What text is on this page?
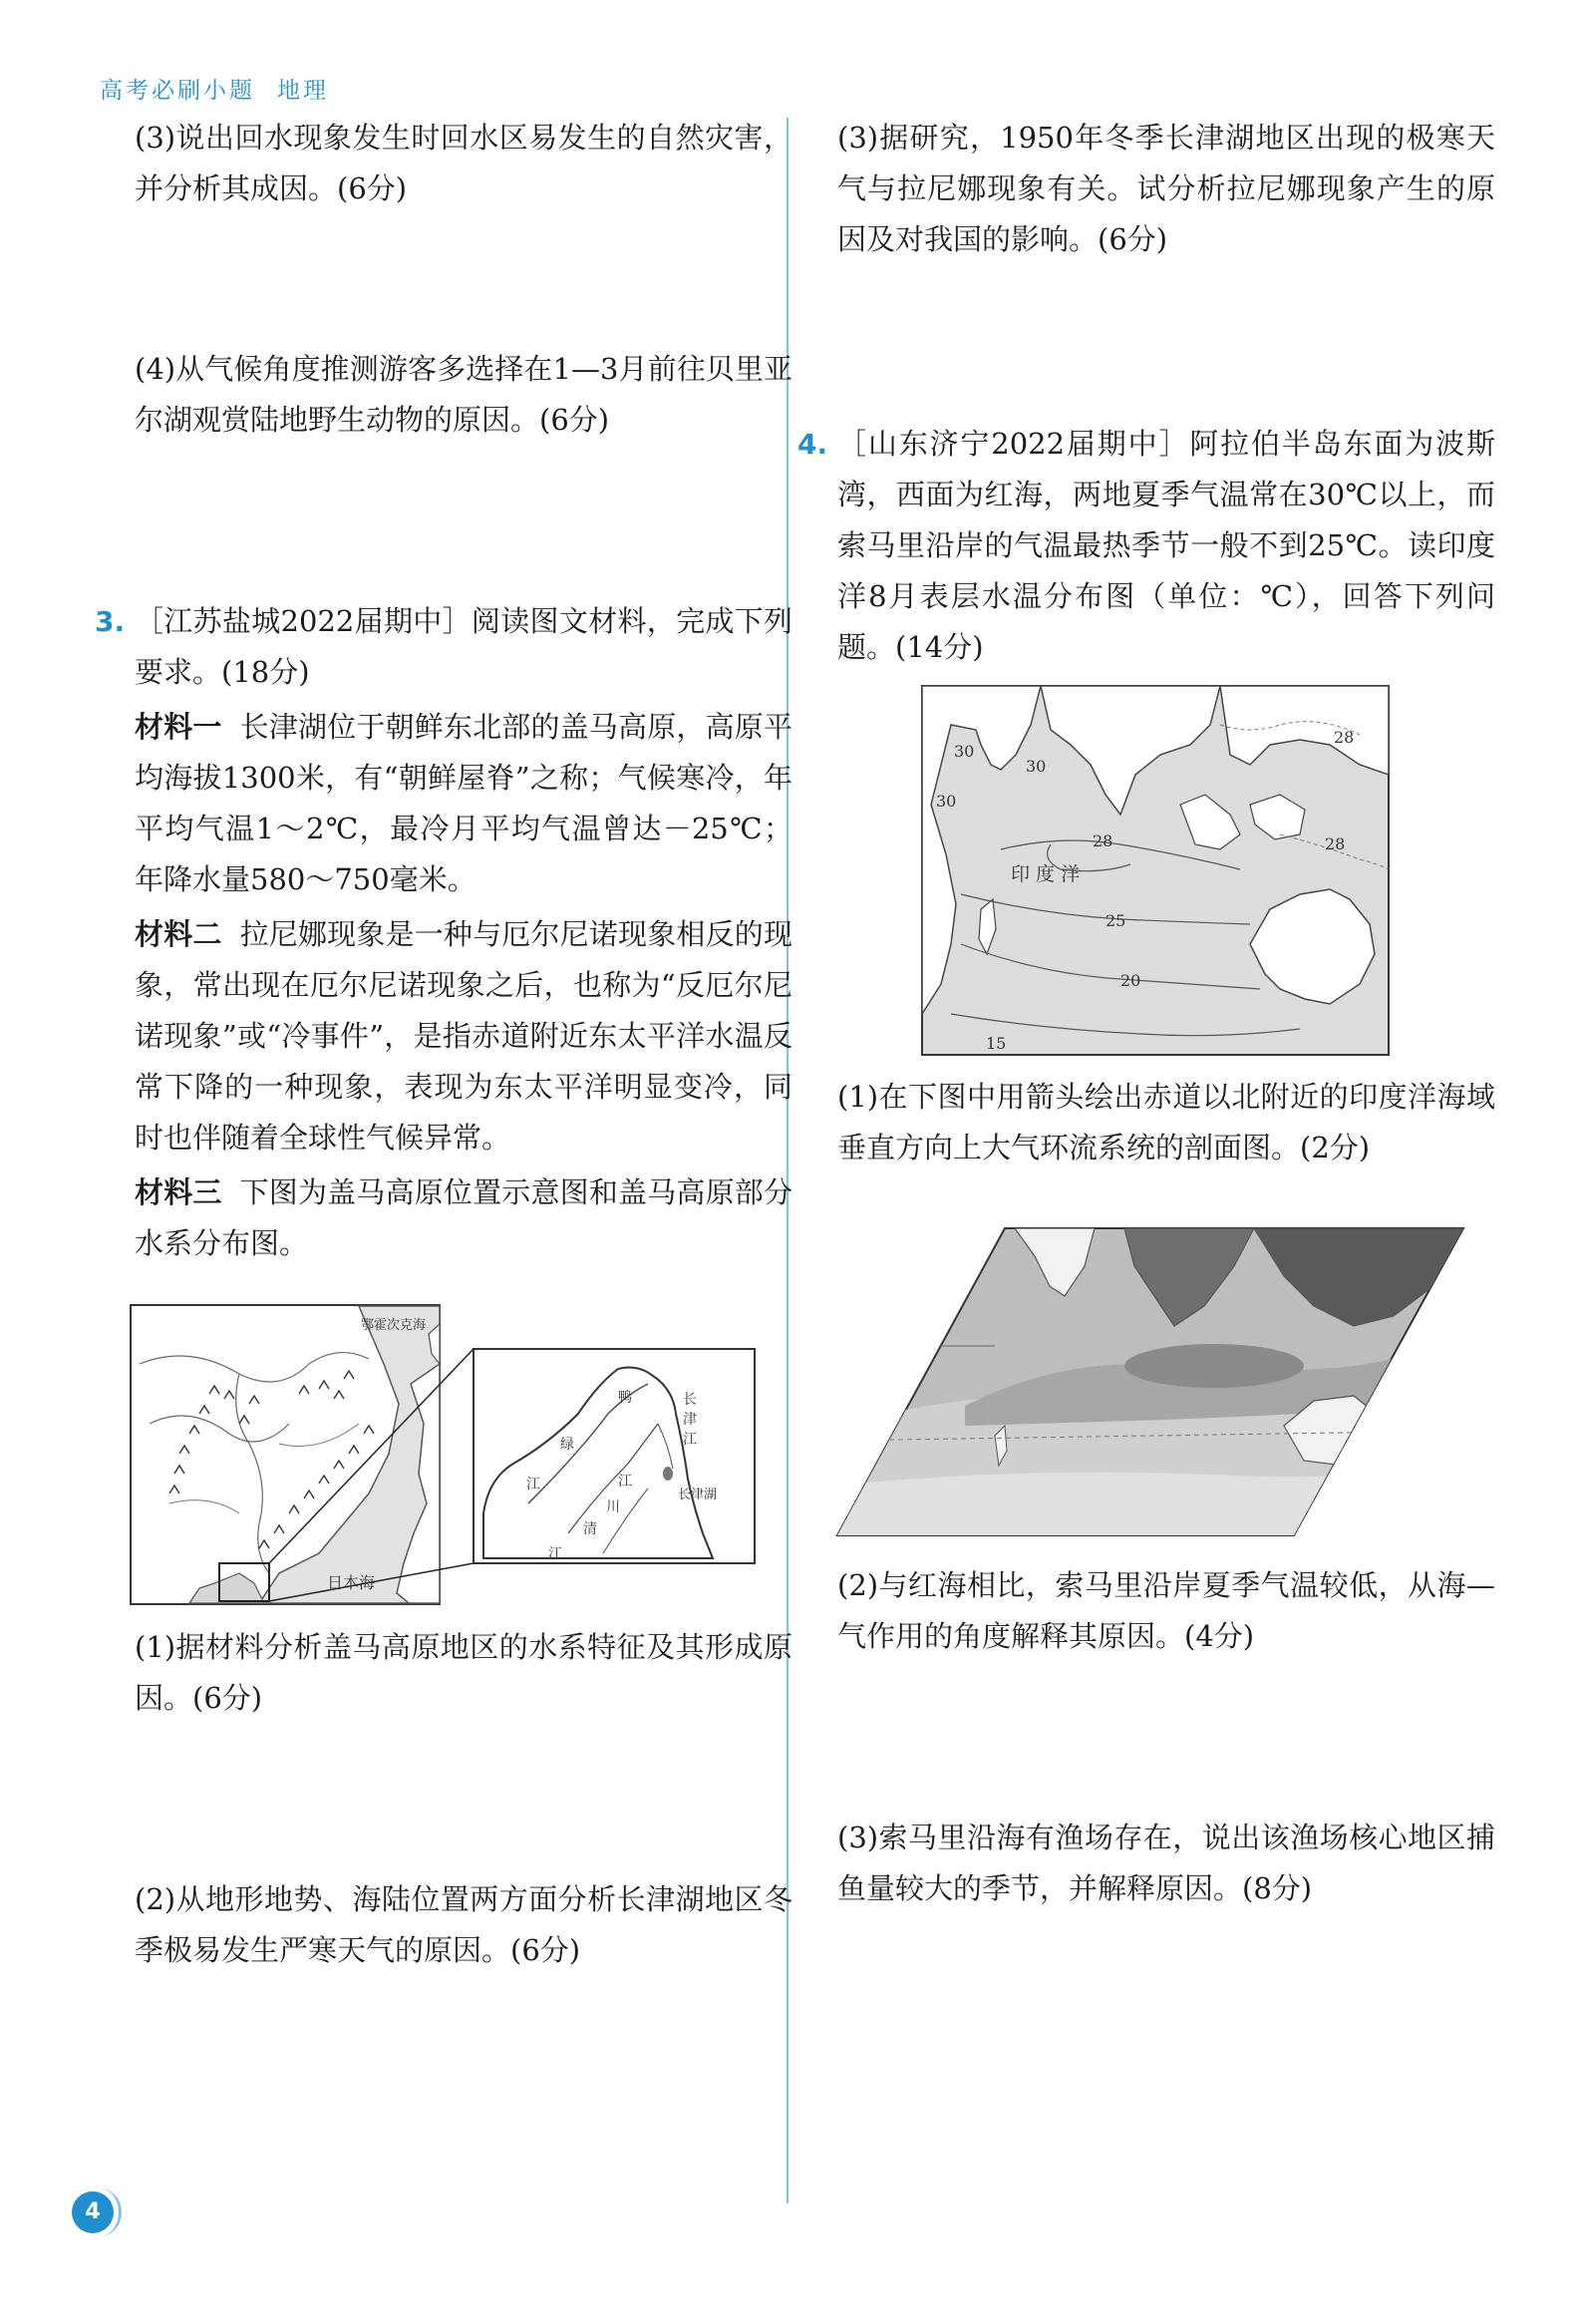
高考必刷小题 地理
(3)说出回水现象发生时回水区易发生的自然灾害，并分析其成因。(6分)
(4)从气候角度推测游客多选择在1—3月前往贝里亚尔湖观赏陆地野生动物的原因。(6分)
3. ［江苏盐城2022届期中］阅读图文材料，完成下列要求。(18分)
材料一 长津湖位于朝鲜东北部的盖马高原，高原平均海拔1300米，有“朝鲜屋脊”之称；气候寒冷，年平均气温1～2℃，最冷月平均气温曾达－25℃；年降水量580～750毫米。
材料二 拉尼娜现象是一种与厄尔尼诺现象相反的现象，常出现在厄尔尼诺现象之后，也称为“反厄尔尼诺现象”或“冷事件”，是指赤道附近东太平洋水温反常下降的一种现象，表现为东太平洋明显变冷，同时也伴随着全球性气候异常。
材料三 下图为盖马高原位置示意图和盖马高原部分水系分布图。
(1)据材料分析盖马高原地区的水系特征及其形成原因。(6分)
(2)从地形地势、海陆位置两方面分析长津湖地区冬季极易发生严寒天气的原因。(6分)
鄂霍次克海
日本海
鸭
绿
江	江
川
清
江
长
津
江
长津湖
(3)据研究，1950年冬季长津湖地区出现的极寒天气与拉尼娜现象有关。试分析拉尼娜现象产生的原因及对我国的影响。(6分)
4. ［山东济宁2022届期中］阿拉伯半岛东面为波斯湾，西面为红海，两地夏季气温常在30℃以上，而索马里沿岸的气温最热季节一般不到25℃。读印度洋8月表层水温分布图（单位：℃），回答下列问题。(14分)
(1)在下图中用箭头绘出赤道以北附近的印度洋海域垂直方向上大气环流系统的剖面图。(2分)
(2)与红海相比，索马里沿岸夏季气温较低，从海—气作用的角度解释其原因。(4分)
(3)索马里沿海有渔场存在，说出该渔场核心地区捕鱼量较大的季节，并解释原因。(8分)
30
30
30
28
28
28
印 度 洋
25
20
15
4
